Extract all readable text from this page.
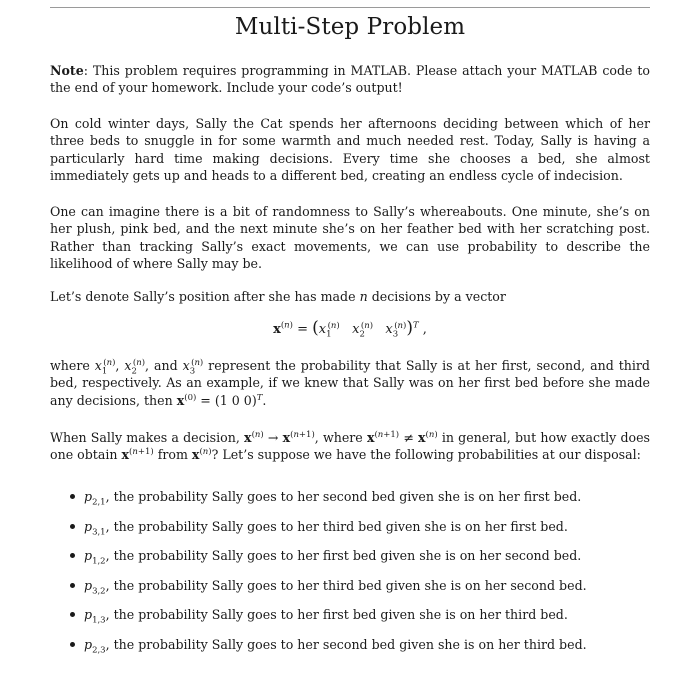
Multi-Step Problem

Note: This problem requires programming in MATLAB. Please attach your MATLAB code to the end of your homework. Include your code’s output!

On cold winter days, Sally the Cat spends her afternoons deciding between which of her three beds to snuggle in for some warmth and much needed rest. Today, Sally is having a particularly hard time making decisions. Every time she chooses a bed, she almost immediately gets up and heads to a different bed, creating an endless cycle of indecision.

One can imagine there is a bit of randomness to Sally’s whereabouts. One minute, she’s on her plush, pink bed, and the next minute she’s on her feather bed with her scratching post. Rather than tracking Sally’s exact movements, we can use probability to describe the likelihood of where Sally may be.

Let’s denote Sally’s position after she has made n decisions by a vector

$x^{(n)} = (x_1^{(n)}$ $x_2^{(n)}$ $x_3^{(n)})^T$ ,

where $x_1^{(n)}$, $x_2^{(n)}$, and $x_3^{(n)}$ represent the probability that Sally is at her first, second, and third bed, respectively. As an example, if we knew that Sally was on her first bed before she made any decisions, then $x^{(0)} = (1$ 0 0)$^T$.

When Sally makes a decision, $x^{(n)} \to x^{(n+1)}$, where $x^{(n+1)} \ne x^{(n)}$ in general, but how exactly does one obtain $x^{(n+1)}$ from $x^{(n)}$? Let’s suppose we have the following probabilities at our disposal:

$p_{2,1}$, the probability Sally goes to her second bed given she is on her first bed.
$p_{3,1}$, the probability Sally goes to her third bed given she is on her first bed.
$p_{1,2}$, the probability Sally goes to her first bed given she is on her second bed.
$p_{3,2}$, the probability Sally goes to her third bed given she is on her second bed.
$p_{1,3}$, the probability Sally goes to her first bed given she is on her third bed.
$p_{2,3}$, the probability Sally goes to her second bed given she is on her third bed.
